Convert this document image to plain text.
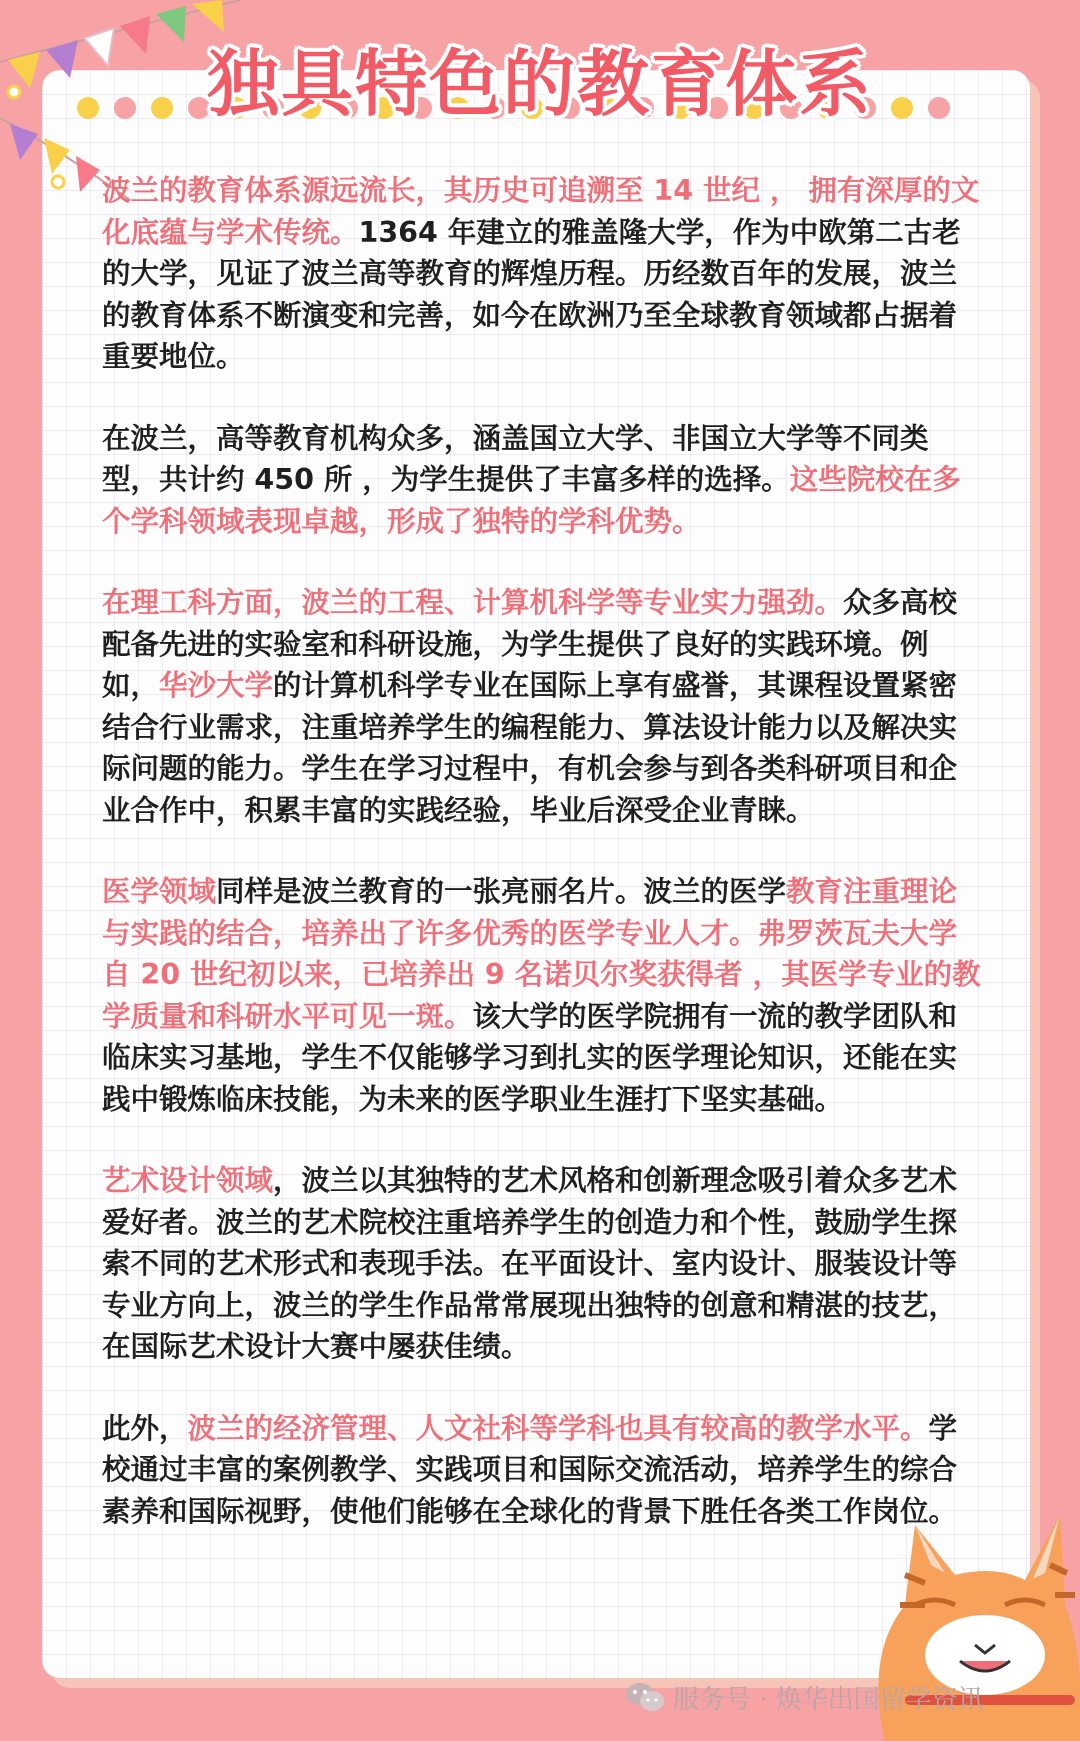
独具特色的教育体系

波兰的教育体系源远流长，其历史可追溯至 14 世纪 ， 拥有深厚的文化底蕴与学术传统。1364 年建立的雅盖隆大学，作为中欧第二古老的大学，见证了波兰高等教育的辉煌历程。历经数百年的发展，波兰的教育体系不断演变和完善，如今在欧洲乃至全球教育领域都占据着重要地位。

在波兰，高等教育机构众多，涵盖国立大学、非国立大学等不同类型，共计约 450 所 ，为学生提供了丰富多样的选择。这些院校在多个学科领域表现卓越，形成了独特的学科优势。

在理工科方面，波兰的工程、计算机科学等专业实力强劲。众多高校配备先进的实验室和科研设施，为学生提供了良好的实践环境。例如，华沙大学的计算机科学专业在国际上享有盛誉，其课程设置紧密结合行业需求，注重培养学生的编程能力、算法设计能力以及解决实际问题的能力。学生在学习过程中，有机会参与到各类科研项目和企业合作中，积累丰富的实践经验，毕业后深受企业青睐。

医学领域同样是波兰教育的一张亮丽名片。波兰的医学教育注重理论与实践的结合，培养出了许多优秀的医学专业人才。弗罗茨瓦夫大学自 20 世纪初以来，已培养出 9 名诺贝尔奖获得者 ，其医学专业的教学质量和科研水平可见一斑。该大学的医学院拥有一流的教学团队和临床实习基地，学生不仅能够学习到扎实的医学理论知识，还能在实践中锻炼临床技能，为未来的医学职业生涯打下坚实基础。

艺术设计领域，波兰以其独特的艺术风格和创新理念吸引着众多艺术爱好者。波兰的艺术院校注重培养学生的创造力和个性，鼓励学生探索不同的艺术形式和表现手法。在平面设计、室内设计、服装设计等专业方向上，波兰的学生作品常常展现出独特的创意和精湛的技艺，在国际艺术设计大赛中屡获佳绩。

此外，波兰的经济管理、人文社科等学科也具有较高的教学水平。学校通过丰富的案例教学、实践项目和国际交流活动，培养学生的综合素养和国际视野，使他们能够在全球化的背景下胜任各类工作岗位。

服务号 · 焕华出国留学资讯
